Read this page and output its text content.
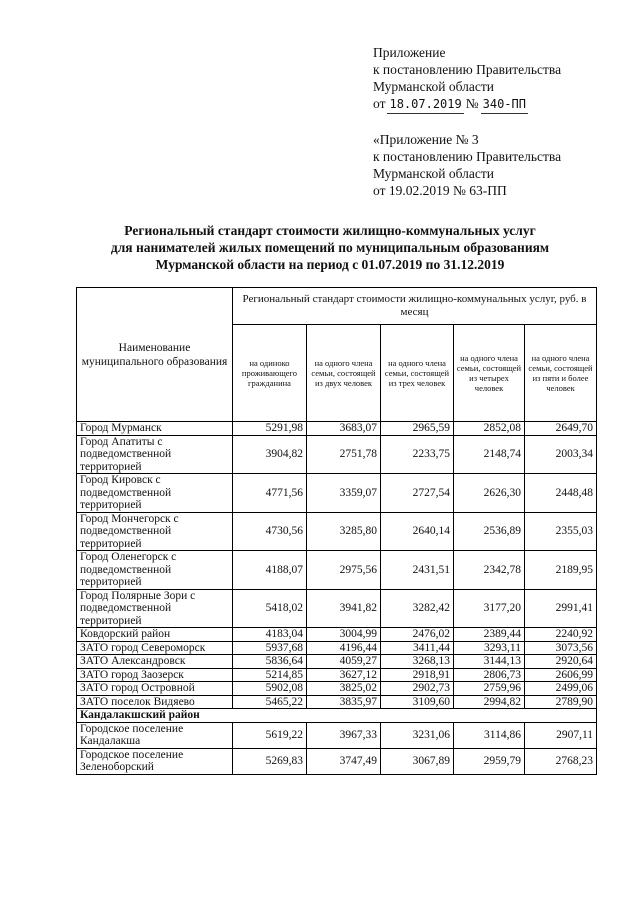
Приложение
к постановлению Правительства
Мурманской области
от 18.07.2019 № 340-ПП
«Приложение № 3
к постановлению Правительства
Мурманской области
от 19.02.2019 № 63-ПП
Региональный стандарт стоимости жилищно-коммунальных услуг
для нанимателей жилых помещений по муниципальным образованиям
Мурманской области на период с 01.07.2019 по 31.12.2019
Наименование муниципального образования	Региональный стандарт стоимости жилищно-коммунальных услуг, руб. в месяц				
	на одиноко проживающего гражданина	на одного члена семьи, состоящей из двух человек	на одного члена семьи, состоящей из трех человек	на одного члена семьи, состоящей из четырех человек	на одного члена семьи, состоящей из пяти и более человек
Город Мурманск	5291,98	3683,07	2965,59	2852,08	2649,70
Город Апатиты с подведомственной территорией	3904,82	2751,78	2233,75	2148,74	2003,34
Город Кировск с подведомственной территорией	4771,56	3359,07	2727,54	2626,30	2448,48
Город Мончегорск с подведомственной территорией	4730,56	3285,80	2640,14	2536,89	2355,03
Город Оленегорск с подведомственной территорией	4188,07	2975,56	2431,51	2342,78	2189,95
Город Полярные Зори с подведомственной территорией	5418,02	3941,82	3282,42	3177,20	2991,41
Ковдорский район	4183,04	3004,99	2476,02	2389,44	2240,92
ЗАТО город Североморск	5937,68	4196,44	3411,44	3293,11	3073,56
ЗАТО Александровск	5836,64	4059,27	3268,13	3144,13	2920,64
ЗАТО город Заозерск	5214,85	3627,12	2918,91	2806,73	2606,99
ЗАТО город Островной	5902,08	3825,02	2902,73	2759,96	2499,06
ЗАТО поселок Видяево	5465,22	3835,97	3109,60	2994,82	2789,90
Кандалакшский район					
Городское поселение Кандалакша	5619,22	3967,33	3231,06	3114,86	2907,11
Городское поселение Зеленоборский	5269,83	3747,49	3067,89	2959,79	2768,23
